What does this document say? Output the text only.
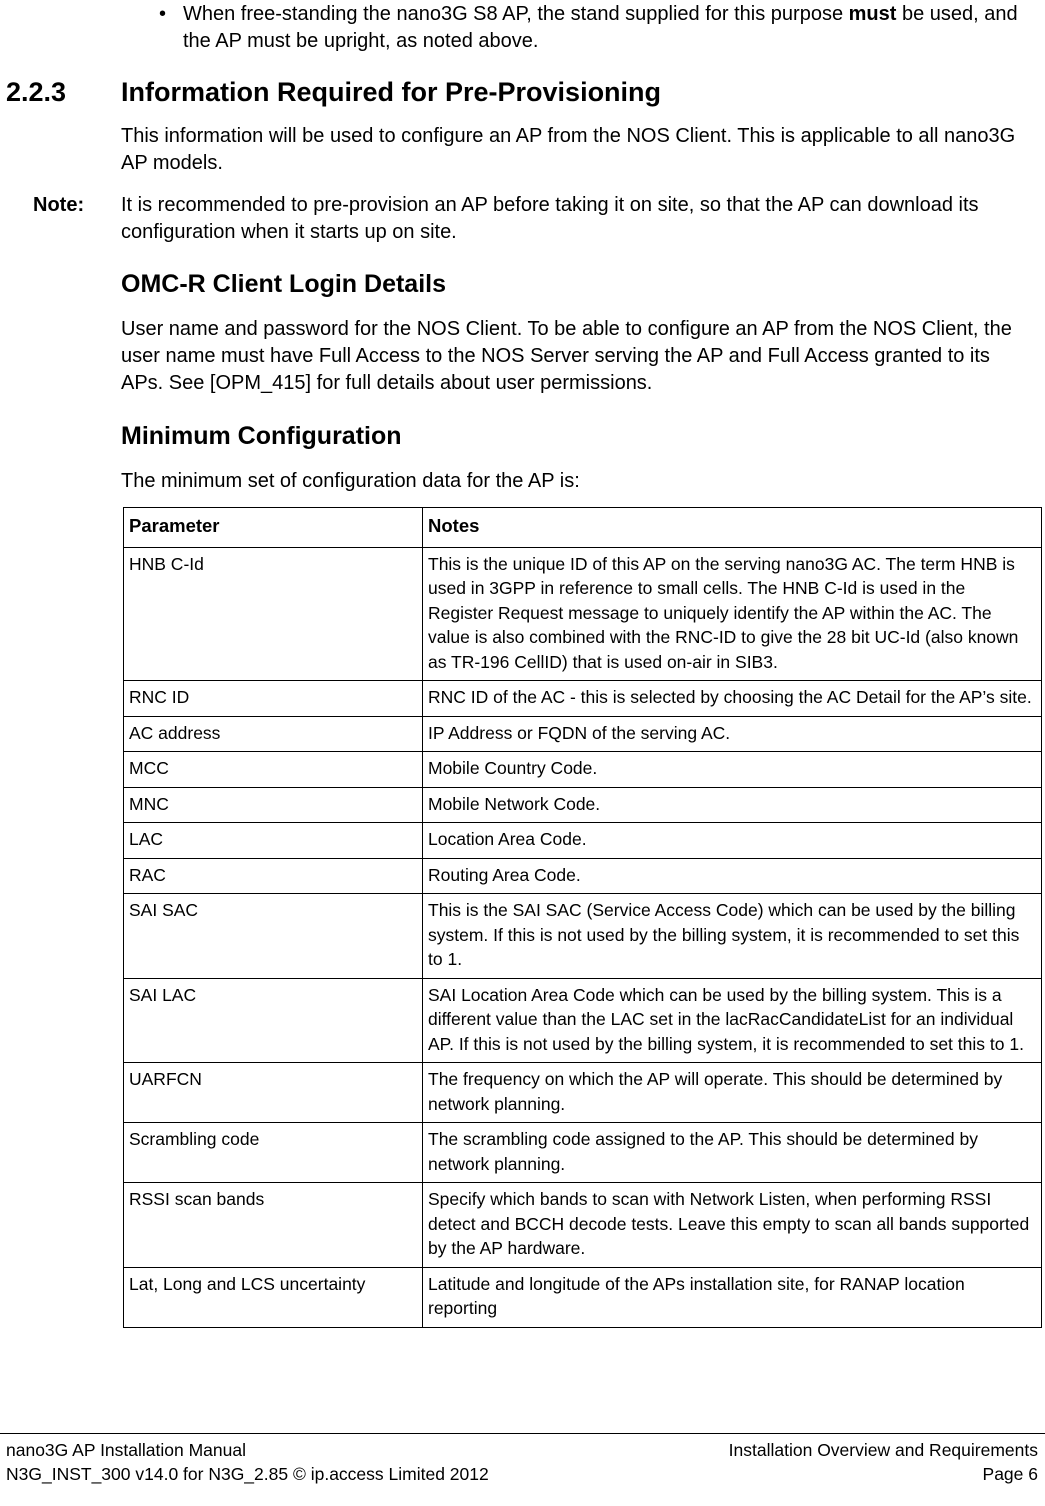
• When free-standing the nano3G S8 AP, the stand supplied for this purpose must be used, and the AP must be upright, as noted above.
2.2.3 Information Required for Pre-Provisioning
This information will be used to configure an AP from the NOS Client. This is applicable to all nano3G AP models.
Note: It is recommended to pre-provision an AP before taking it on site, so that the AP can download its configuration when it starts up on site.
OMC-R Client Login Details
User name and password for the NOS Client. To be able to configure an AP from the NOS Client, the user name must have Full Access to the NOS Server serving the AP and Full Access granted to its APs. See [OPM_415] for full details about user permissions.
Minimum Configuration
The minimum set of configuration data for the AP is:
Parameter	Notes
HNB C-Id	This is the unique ID of this AP on the serving nano3G AC. The term HNB is used in 3GPP in reference to small cells. The HNB C-Id is used in the Register Request message to uniquely identify the AP within the AC. The value is also combined with the RNC-ID to give the 28 bit UC-Id (also known as TR-196 CellID) that is used on-air in SIB3.
RNC ID	RNC ID of the AC - this is selected by choosing the AC Detail for the AP’s site.
AC address	IP Address or FQDN of the serving AC.
MCC	Mobile Country Code.
MNC	Mobile Network Code.
LAC	Location Area Code.
RAC	Routing Area Code.
SAI SAC	This is the SAI SAC (Service Access Code) which can be used by the billing system. If this is not used by the billing system, it is recommended to set this to 1.
SAI LAC	SAI Location Area Code which can be used by the billing system. This is a different value than the LAC set in the lacRacCandidateList for an individual AP. If this is not used by the billing system, it is recommended to set this to 1.
UARFCN	The frequency on which the AP will operate. This should be determined by network planning.
Scrambling code	The scrambling code assigned to the AP. This should be determined by network planning.
RSSI scan bands	Specify which bands to scan with Network Listen, when performing RSSI detect and BCCH decode tests. Leave this empty to scan all bands supported by the AP hardware.
Lat, Long and LCS uncertainty	Latitude and longitude of the APs installation site, for RANAP location reporting
nano3G AP Installation Manual
N3G_INST_300 v14.0 for N3G_2.85 © ip.access Limited 2012
Installation Overview and Requirements
Page 6
